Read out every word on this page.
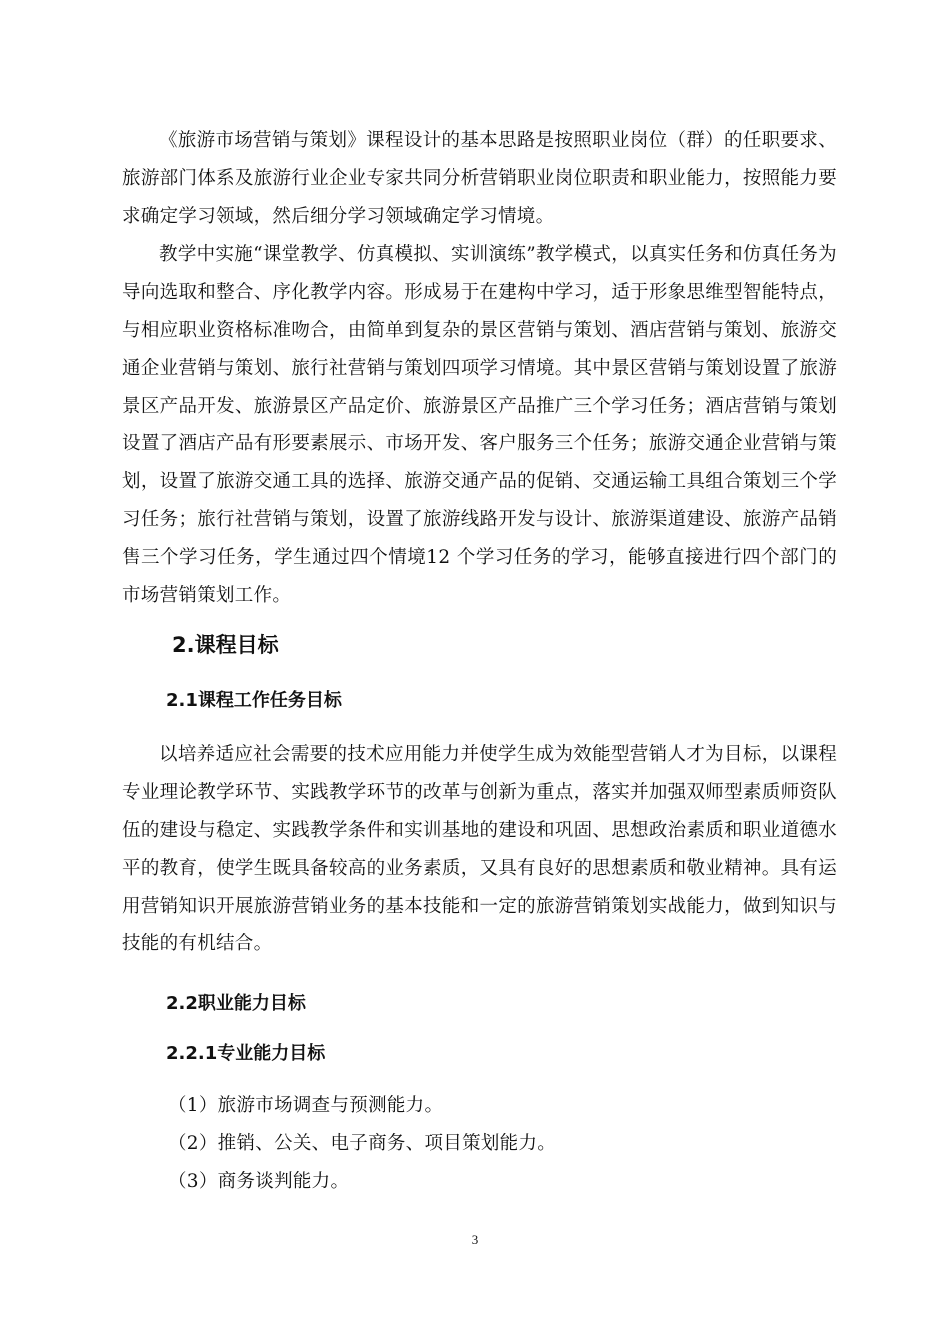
《旅游市场营销与策划》课程设计的基本思路是按照职业岗位（群）的任职要求、旅游部门体系及旅游行业企业专家共同分析营销职业岗位职责和职业能力，按照能力要求确定学习领域，然后细分学习领域确定学习情境。

教学中实施“课堂教学、仿真模拟、实训演练”教学模式，以真实任务和仿真任务为导向选取和整合、序化教学内容。形成易于在建构中学习，适于形象思维型智能特点，与相应职业资格标准吻合，由简单到复杂的景区营销与策划、酒店营销与策划、旅游交通企业营销与策划、旅行社营销与策划四项学习情境。其中景区营销与策划设置了旅游景区产品开发、旅游景区产品定价、旅游景区产品推广三个学习任务；酒店营销与策划设置了酒店产品有形要素展示、市场开发、客户服务三个任务；旅游交通企业营销与策划，设置了旅游交通工具的选择、旅游交通产品的促销、交通运输工具组合策划三个学习任务；旅行社营销与策划，设置了旅游线路开发与设计、旅游渠道建设、旅游产品销售三个学习任务，学生通过四个情境12 个学习任务的学习，能够直接进行四个部门的市场营销策划工作。

2.课程目标
2.1课程工作任务目标

以培养适应社会需要的技术应用能力并使学生成为效能型营销人才为目标，以课程专业理论教学环节、实践教学环节的改革与创新为重点，落实并加强双师型素质师资队伍的建设与稳定、实践教学条件和实训基地的建设和巩固、思想政治素质和职业道德水平的教育，使学生既具备较高的业务素质，又具有良好的思想素质和敬业精神。具有运用营销知识开展旅游营销业务的基本技能和一定的旅游营销策划实战能力，做到知识与技能的有机结合。

2.2职业能力目标
2.2.1专业能力目标
（1）旅游市场调查与预测能力。
（2）推销、公关、电子商务、项目策划能力。
（3）商务谈判能力。
3
